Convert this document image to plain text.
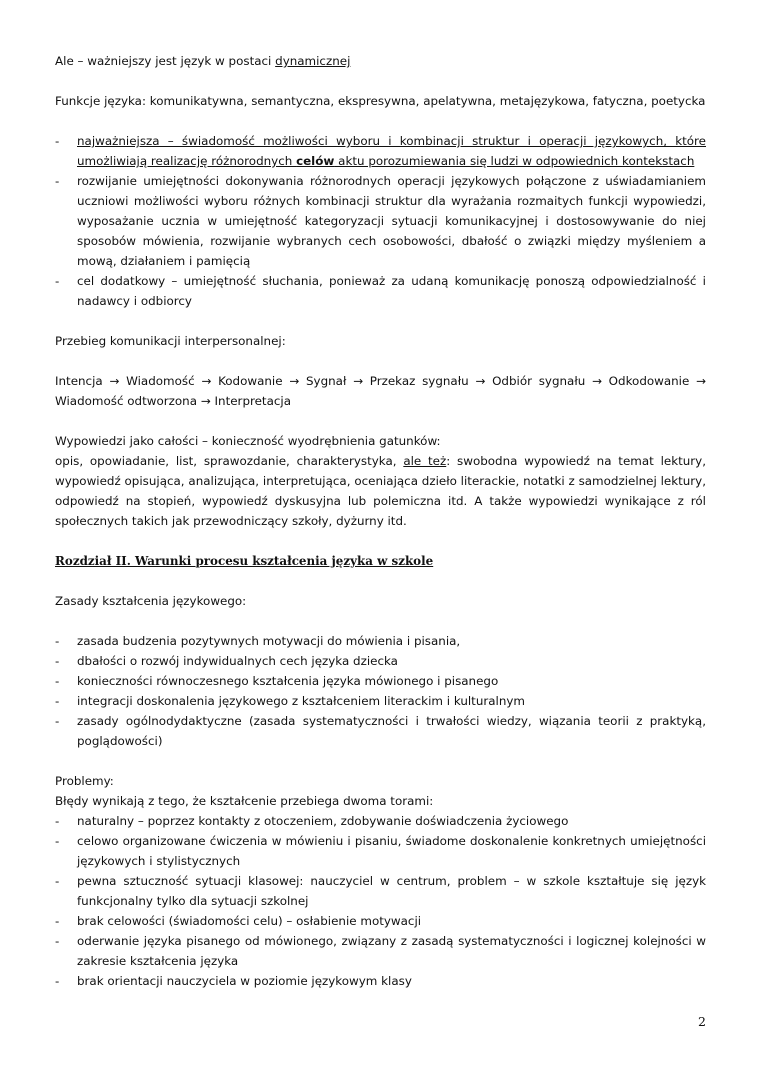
Ale – ważniejszy jest język w postaci dynamicznej

Funkcje języka: komunikatywna, semantyczna, ekspresywna, apelatywna, metajęzykowa, fatyczna, poetycka

- najważniejsza – świadomość możliwości wyboru i kombinacji struktur i operacji językowych, które umożliwiają realizację różnorodnych celów aktu porozumiewania się ludzi w odpowiednich kontekstach
- rozwijanie umiejętności dokonywania różnorodnych operacji językowych połączone z uświadamianiem uczniowi możliwości wyboru różnych kombinacji struktur dla wyrażania rozmaitych funkcji wypowiedzi, wyposażanie ucznia w umiejętność kategoryzacji sytuacji komunikacyjnej i dostosowywanie do niej sposobów mówienia, rozwijanie wybranych cech osobowości, dbałość o związki między myśleniem a mową, działaniem i pamięcią
- cel dodatkowy – umiejętność słuchania, ponieważ za udaną komunikację ponoszą odpowiedzialność i nadawcy i odbiorcy

Przebieg komunikacji interpersonalnej:

Intencja → Wiadomość → Kodowanie → Sygnał → Przekaz sygnału → Odbiór sygnału → Odkodowanie → Wiadomość odtworzona → Interpretacja

Wypowiedzi jako całości – konieczność wyodrębnienia gatunków:

opis, opowiadanie, list, sprawozdanie, charakterystyka, ale też: swobodna wypowiedź na temat lektury, wypowiedź opisująca, analizująca, interpretująca, oceniająca dzieło literackie, notatki z samodzielnej lektury, odpowiedź na stopień, wypowiedź dyskusyjna lub polemiczna itd. A także wypowiedzi wynikające z ról społecznych takich jak przewodniczący szkoły, dyżurny itd.

Rozdział II. Warunki procesu kształcenia języka w szkole

Zasady kształcenia językowego:

- zasada budzenia pozytywnych motywacji do mówienia i pisania,
- dbałości o rozwój indywidualnych cech języka dziecka
- konieczności równoczesnego kształcenia języka mówionego i pisanego
- integracji doskonalenia językowego z kształceniem literackim i kulturalnym
- zasady ogólnodydaktyczne (zasada systematyczności i trwałości wiedzy, wiązania teorii z praktyką, poglądowości)

Problemy:

Błędy wynikają z tego, że kształcenie przebiega dwoma torami:

- naturalny – poprzez kontakty z otoczeniem, zdobywanie doświadczenia życiowego
- celowo organizowane ćwiczenia w mówieniu i pisaniu, świadome doskonalenie konkretnych umiejętności językowych i stylistycznych
- pewna sztuczność sytuacji klasowej: nauczyciel w centrum, problem – w szkole kształtuje się język funkcjonalny tylko dla sytuacji szkolnej
- brak celowości (świadomości celu) – osłabienie motywacji
- oderwanie języka pisanego od mówionego, związany z zasadą systematyczności i logicznej kolejności w zakresie kształcenia języka
- brak orientacji nauczyciela w poziomie językowym klasy
2
